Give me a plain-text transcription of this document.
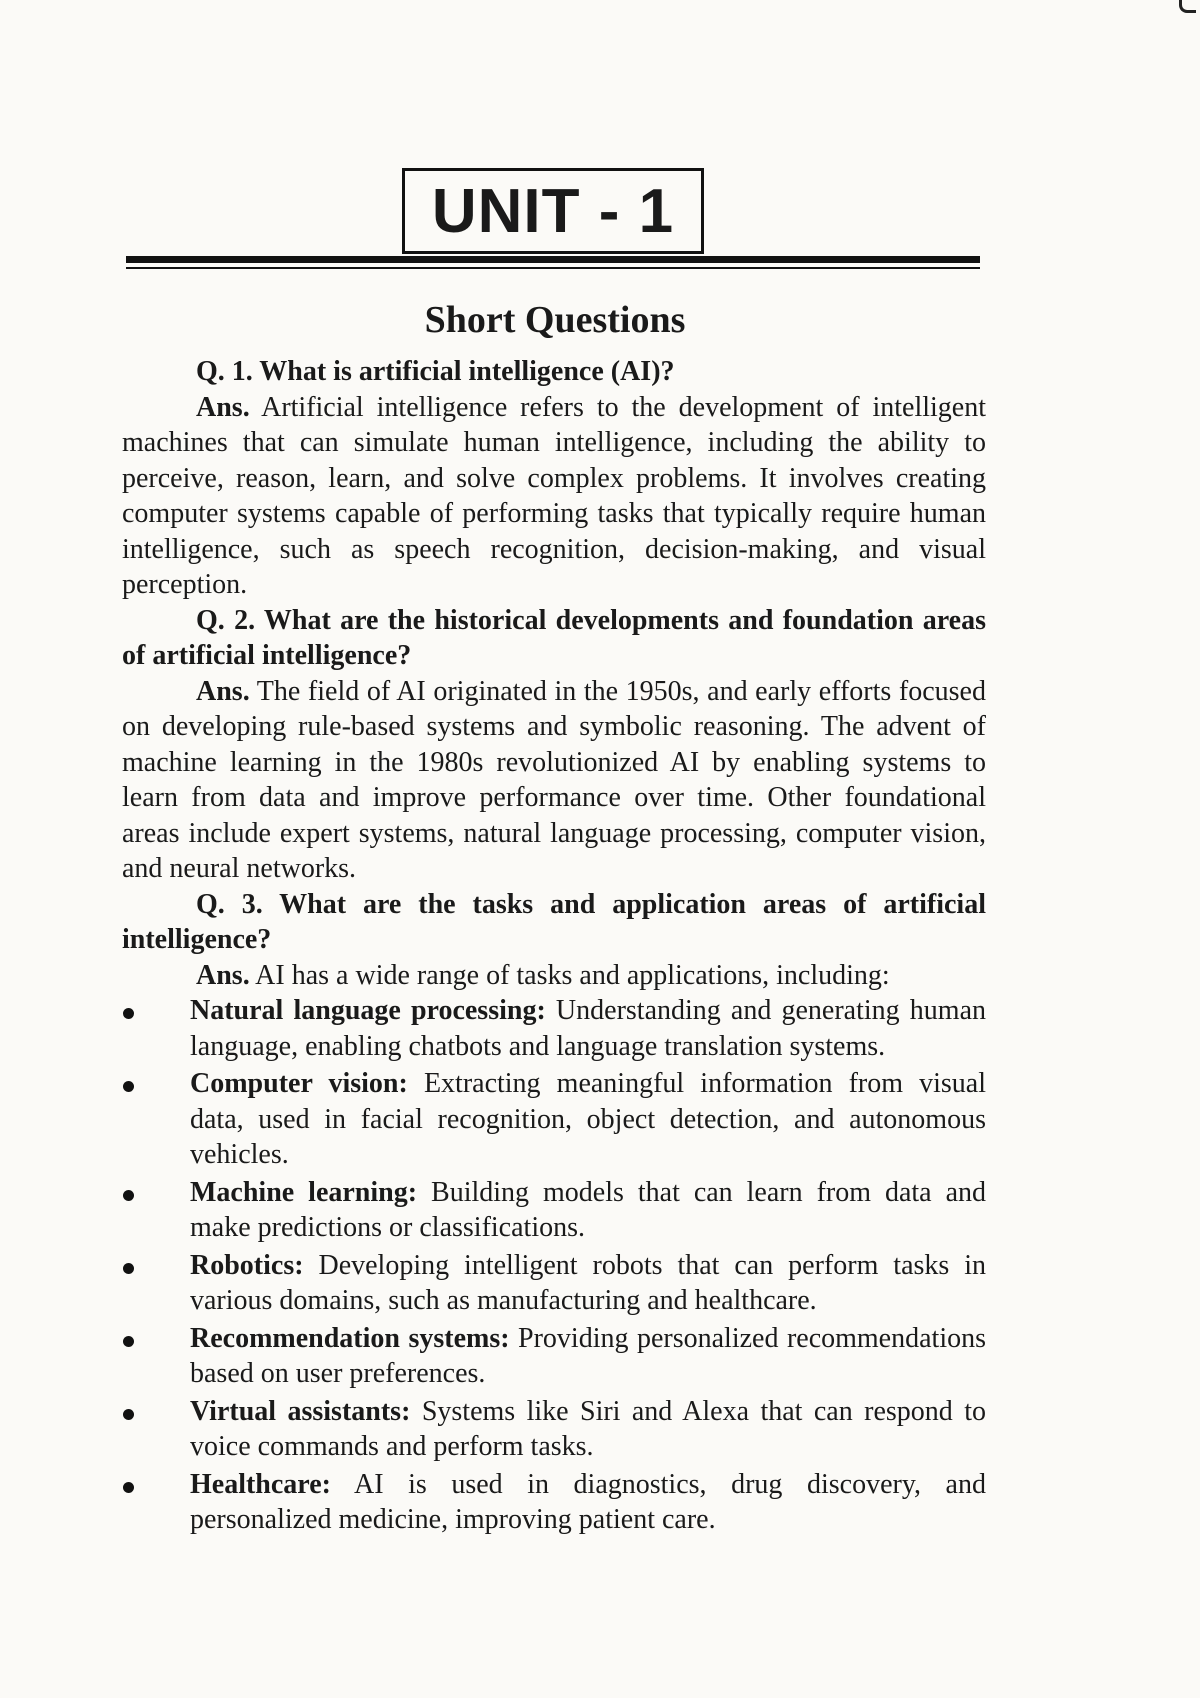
UNIT - 1
Short Questions

Q. 1. What is artificial intelligence (AI)?

Ans. Artificial intelligence refers to the development of intelligent machines that can simulate human intelligence, including the ability to perceive, reason, learn, and solve complex problems. It involves creating computer systems capable of performing tasks that typically require human intelligence, such as speech recognition, decision-making, and visual perception.

Q. 2. What are the historical developments and foundation areas of artificial intelligence?

Ans. The field of AI originated in the 1950s, and early efforts focused on developing rule-based systems and symbolic reasoning. The advent of machine learning in the 1980s revolutionized AI by enabling systems to learn from data and improve performance over time. Other foundational areas include expert systems, natural language processing, computer vision, and neural networks.

Q. 3. What are the tasks and application areas of artificial intelligence?

Ans. AI has a wide range of tasks and applications, including:

Natural language processing: Understanding and generating human language, enabling chatbots and language translation systems.
Computer vision: Extracting meaningful information from visual data, used in facial recognition, object detection, and autonomous vehicles.
Machine learning: Building models that can learn from data and make predictions or classifications.
Robotics: Developing intelligent robots that can perform tasks in various domains, such as manufacturing and healthcare.
Recommendation systems: Providing personalized recommendations based on user preferences.
Virtual assistants: Systems like Siri and Alexa that can respond to voice commands and perform tasks.
Healthcare: AI is used in diagnostics, drug discovery, and personalized medicine, improving patient care.
